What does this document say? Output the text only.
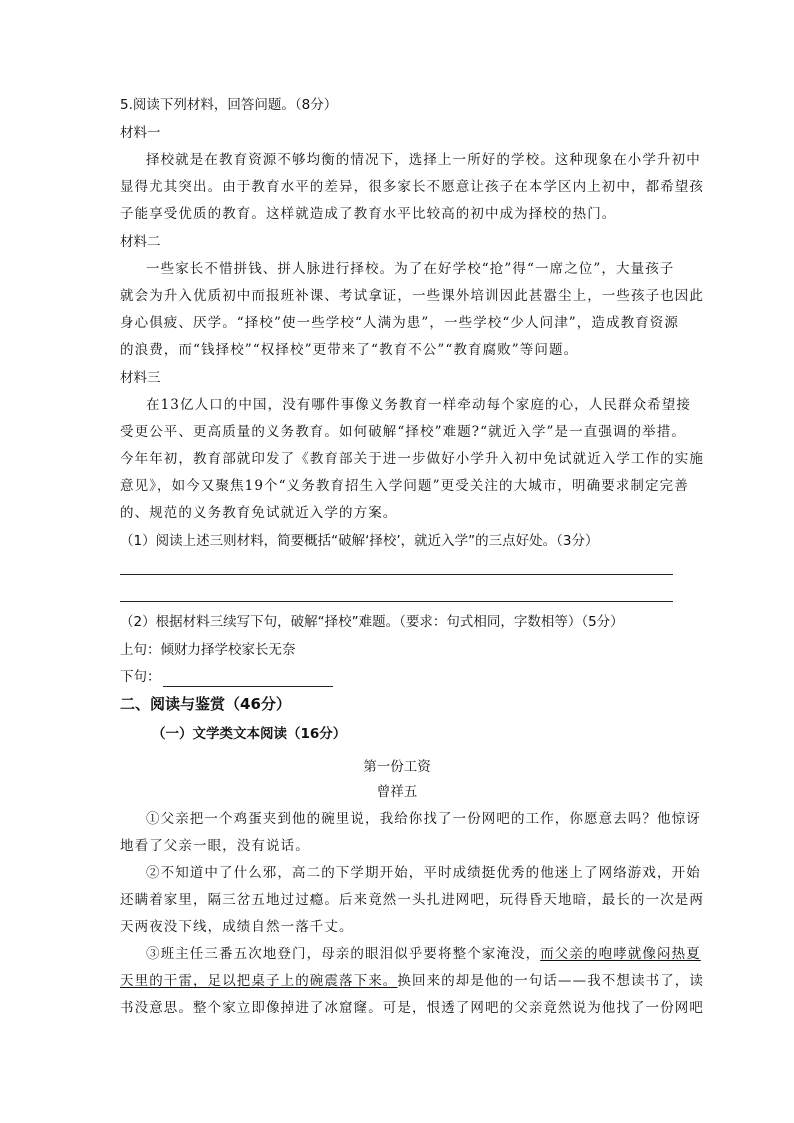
5.阅读下列材料，回答问题。（8分）
材料一
择校就是在教育资源不够均衡的情况下，选择上一所好的学校。这种现象在小学升初中
显得尤其突出。由于教育水平的差异，很多家长不愿意让孩子在本学区内上初中，都希望孩
子能享受优质的教育。这样就造成了教育水平比较高的初中成为择校的热门。
材料二
一些家长不惜拼钱、拼人脉进行择校。为了在好学校“抢”得“一席之位”，大量孩子
就会为升入优质初中而报班补课、考试拿证，一些课外培训因此甚嚣尘上，一些孩子也因此
身心俱疲、厌学。“择校”使一些学校“人满为患”，一些学校“少人问津”，造成教育资源
的浪费，而“钱择校”“权择校”更带来了“教育不公”“教育腐败”等问题。
材料三
在13亿人口的中国，没有哪件事像义务教育一样牵动每个家庭的心，人民群众希望接
受更公平、更高质量的义务教育。如何破解“择校”难题?“就近入学”是一直强调的举措。
今年年初，教育部就印发了《教育部关于进一步做好小学升入初中免试就近入学工作的实施
意见》，如今又聚焦19个“义务教育招生入学问题”更受关注的大城市，明确要求制定完善
的、规范的义务教育免试就近入学的方案。
（1）阅读上述三则材料，简要概括“破解‘择校’，就近入学”的三点好处。（3分）
（2）根据材料三续写下句，破解“择校”难题。（要求：句式相同，字数相等）（5分）
上句：倾财力择学校家长无奈
下句：
二、阅读与鉴赏（46分）
（一）文学类文本阅读（16分）
第一份工资
曾祥五
①父亲把一个鸡蛋夹到他的碗里说，我给你找了一份网吧的工作，你愿意去吗？他惊讶
地看了父亲一眼，没有说话。
②不知道中了什么邪，高二的下学期开始，平时成绩挺优秀的他迷上了网络游戏，开始
还瞒着家里，隔三岔五地过过瘾。后来竟然一头扎进网吧，玩得昏天地暗，最长的一次是两
天两夜没下线，成绩自然一落千丈。
③班主任三番五次地登门，母亲的眼泪似乎要将整个家淹没，而父亲的咆哮就像闷热夏
天里的干雷，足以把桌子上的碗震落下来。换回来的却是他的一句话——我不想读书了，读
书没意思。整个家立即像掉进了冰窟窿。可是，恨透了网吧的父亲竟然说为他找了一份网吧
